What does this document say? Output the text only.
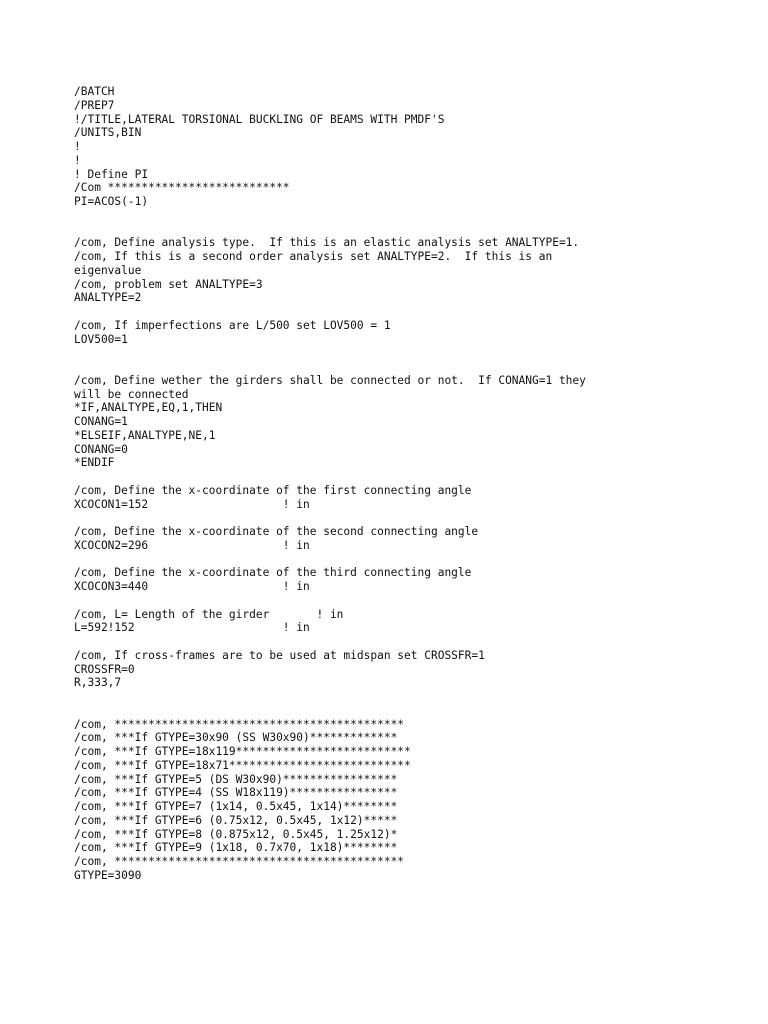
/BATCH
/PREP7
!/TITLE,LATERAL TORSIONAL BUCKLING OF BEAMS WITH PMDF'S
/UNITS,BIN
!
!
! Define PI
/Com ***************************
PI=ACOS(-1)
/com, Define analysis type.  If this is an elastic analysis set ANALTYPE=1.
/com, If this is a second order analysis set ANALTYPE=2.  If this is an
eigenvalue
/com, problem set ANALTYPE=3
ANALTYPE=2
/com, If imperfections are L/500 set LOV500 = 1
LOV500=1
/com, Define wether the girders shall be connected or not.  If CONANG=1 they
will be connected
*IF,ANALTYPE,EQ,1,THEN
CONANG=1
*ELSEIF,ANALTYPE,NE,1
CONANG=0
*ENDIF
/com, Define the x-coordinate of the first connecting angle
XCOCON1=152                    ! in
/com, Define the x-coordinate of the second connecting angle
XCOCON2=296                    ! in
/com, Define the x-coordinate of the third connecting angle
XCOCON3=440                    ! in
/com, L= Length of the girder       ! in
L=592!152                      ! in
/com, If cross-frames are to be used at midspan set CROSSFR=1
CROSSFR=0
R,333,7
/com, *******************************************
/com, ***If GTYPE=30x90 (SS W30x90)*************
/com, ***If GTYPE=18x119**************************
/com, ***If GTYPE=18x71***************************
/com, ***If GTYPE=5 (DS W30x90)*****************
/com, ***If GTYPE=4 (SS W18x119)****************
/com, ***If GTYPE=7 (1x14, 0.5x45, 1x14)********
/com, ***If GTYPE=6 (0.75x12, 0.5x45, 1x12)*****
/com, ***If GTYPE=8 (0.875x12, 0.5x45, 1.25x12)*
/com, ***If GTYPE=9 (1x18, 0.7x70, 1x18)********
/com, *******************************************
GTYPE=3090
